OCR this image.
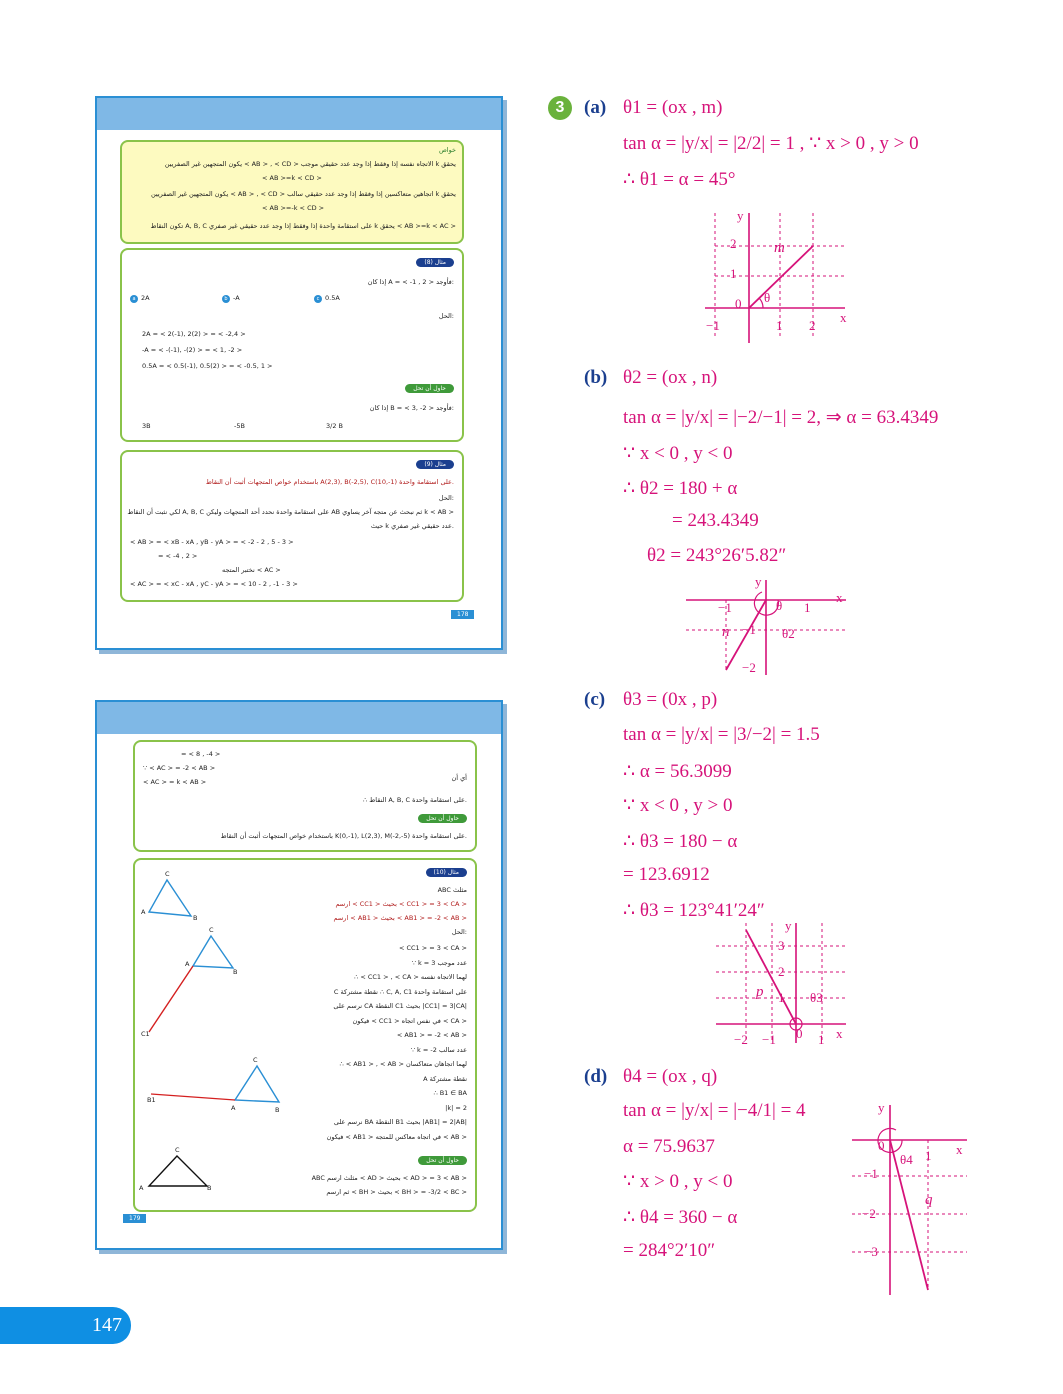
خواص
يكون المتجهين غير الصفريين < AB > , < CD > الاتجاه نفسه إذا وفقط إذا وجد عدد حقيقي موجب k يحقق
< AB >=k < CD >
يكون المتجهين غير الصفريين < AB > , < CD > اتجاهين متعاكسين إذا وفقط إذا وجد عدد حقيقي سالب k يحقق
< AB >=-k < CD >
تكون النقاط A, B, C على استقامة واحدة إذا وفقط إذا وجد عدد حقيقي غير صفري k يحقق < AB >=k < AC >
مثال (8)
إذا كان A = < -1 , 2 > فأوجد:
a 2A	b -A	c 0.5A
الحل:
2A = < 2(-1), 2(2) > = < -2,4 >
-A = < -(-1), -(2) > = < 1, -2 >
0.5A = < 0.5(-1), 0.5(2) > = < -0.5, 1 >
حاول أن تحل
إذا كان B = < 3, -2 > فأوجد:
3B	-5B	3/2 B
مثال (9)
باستخدام خواص المتجهات أثبت أن النقاط A(2,3), B(-2,5), C(10,-1) على استقامة واحدة.
الحل:
لكي نثبت أن النقاط A, B, C على استقامة واحدة نحدد أحد المتجهات وليكن AB ثم نبحث عن متجه آخر يساوي k < AB >
حيث k عدد حقيقي غير صفري.
< AB > = < xB - xA , yB - yA > = < -2 - 2 , 5 - 3 >
= < -4 , 2 >
نختبر المتجه < AC >
< AC > = < xC - xA , yC - yA > = < 10 - 2 , -1 - 3 >
178
= < 8 , -4 >
∵ < AC > = -2 < AB >
< AC > = k < AB >	أي أن
∴ النقاط A, B, C على استقامة واحدة.
حاول أن تحل
باستخدام خواص المتجهات أثبت أن النقاط K(0,-1), L(2,3), M(-2,-5) على استقامة واحدة.
مثال (10)
ABC مثلث
ارسم < CC1 > بحيث < CC1 > = 3 < CA >
ارسم < AB1 > بحيث < AB1 > = -2 < AB >
الحل:
< CC1 > = 3 < CA >
∵ k = 3 عدد موجب
∴ < CC1 > , < CA > لهما الاتجاه نفسه
C نقطة مشتركة ∴ C, A, C1 على استقامة واحدة
نرسم على CA النقطة C1 بحيث |CC1| = 3|CA|
فيكون < CC1 > في نفس اتجاه < CA >
< AB1 > = -2 < AB >
∵ k = -2 عدد سالب
∴ < AB1 > , < AB > لهما اتجاهان متعاكسان
A نقطة مشتركة
∴ B1 ∈ BA
|k| = 2
نرسم على BA النقطة B1 بحيث |AB1| = 2|AB|
فيكون < AB1 > في اتجاه معاكس للمتجه < AB >
C
A
B
C
A
B
C1
C
B1
A	B
C
A	B
حاول أن تحل
ABC مثلث ارسم < AD > بحيث < AD > = 3 < AB >
ثم ارسم < BH > بحيث < BH > = -3/2 < BC >
179
3	(a) θ1 = (ox , m)
tan α = |y/x| = |2/2| = 1 , ∵ x > 0 , y > 0
∴ θ1 = α = 45°
y
x
2
1
0
−1	1 2
m
θ
(b) θ2 = (ox , n)
tan α = |y/x| = |−2/−1| = 2, ⇒ α = 63.4349
∵ x < 0 , y < 0
∴ θ2 = 180 + α
= 243.4349
θ2 = 243°26′5.82″
y
x
−1
−1
−2
1
n
θ
θ2
(c) θ3 = (0x , p)
tan α = |y/x| = |3/−2| = 1.5
∴ α = 56.3099
∵ x < 0 , y > 0
∴ θ3 = 180 − α
= 123.6912
∴ θ3 = 123°41′24″
y
x
3
2
1
0
−2 −1	1
p	θ3
(d) θ4 = (ox , q)
tan α = |y/x| = |−4/1| = 4
α = 75.9637
∵ x > 0 , y < 0
∴ θ4 = 360 − α
= 284°2′10″
y
x
0
1
−1
−2
−3
q
θ4
147
